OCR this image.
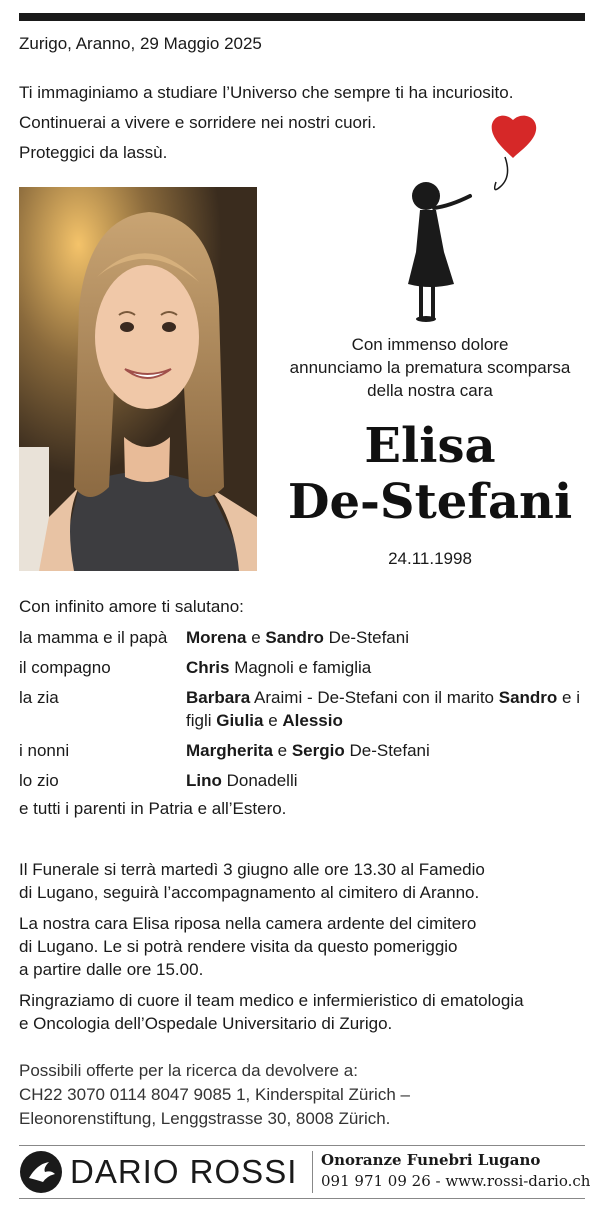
Zurigo, Aranno, 29 Maggio 2025
Ti immaginiamo a studiare l’Universo che sempre ti ha incuriosito.
Continuerai a vivere e sorridere nei nostri cuori.
Proteggici da lassù.
Con immenso dolore
annunciamo la prematura scomparsa
della nostra cara
Elisa
De-Stefani
24.11.1998
Con infinito amore ti salutano:
la mamma e il papà	Morena e Sandro De-Stefani
il compagno	Chris Magnoli e famiglia
la zia	Barbara Araimi - De-Stefani con il marito Sandro e i figli Giulia e Alessio
i nonni	Margherita e Sergio De-Stefani
lo zio	Lino Donadelli
e tutti i parenti in Patria e all’Estero.

Il Funerale si terrà martedì 3 giugno alle ore 13.30 al Famedio
di Lugano, seguirà l’accompagnamento al cimitero di Aranno.

La nostra cara Elisa riposa nella camera ardente del cimitero
di Lugano. Le si potrà rendere visita da questo pomeriggio
a partire dalle ore 15.00.

Ringraziamo di cuore il team medico e infermieristico di ematologia
e Oncologia dell’Ospedale Universitario di Zurigo.

Possibili offerte per la ricerca da devolvere a:
CH22 3070 0114 8047 9085 1, Kinderspital Zürich –
Eleonorenstiftung, Lenggstrasse 30, 8008 Zürich.
DARIO ROSSI Onoranze Funebri Lugano
091 971 09 26 - www.rossi-dario.ch
